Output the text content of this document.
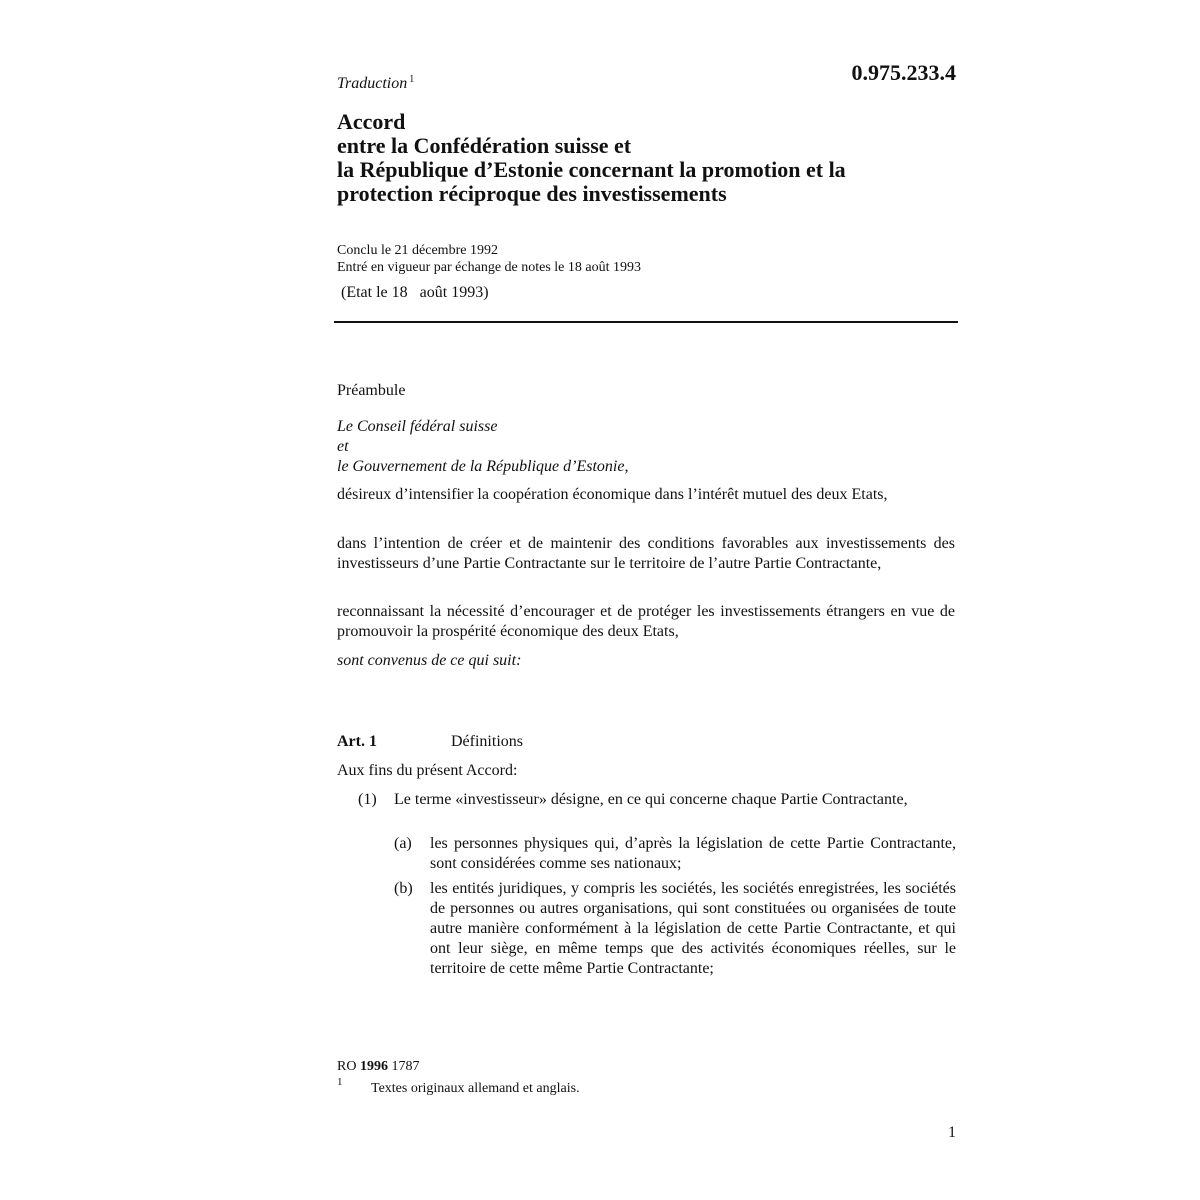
0.975.233.4
Traduction $^1$
Accord
entre la Confédération suisse et
la République d’Estonie concernant la promotion et la
protection réciproque des investissements
Conclu le 21 décembre 1992
Entré en vigueur par échange de notes le 18 août 1993
(Etat le 18   août 1993)
Préambule
Le Conseil fédéral suisse
et
le Gouvernement de la République d’Estonie,
désireux d’intensifier la coopération économique dans l’intérêt mutuel des deux Etats,
dans l’intention de créer et de maintenir des conditions favorables aux investissements des investisseurs d’une Partie Contractante sur le territoire de l’autre Partie Contractante,
reconnaissant la nécessité d’encourager et de protéger les investissements étrangers en vue de promouvoir la prospérité économique des deux Etats,
sont convenus de ce qui suit:
Art. 1	Définitions
Aux fins du présent Accord:
(1) Le terme «investisseur» désigne, en ce qui concerne chaque Partie Contractante,
(a) les personnes physiques qui, d’après la législation de cette Partie Contractante, sont considérées comme ses nationaux;
(b) les entités juridiques, y compris les sociétés, les sociétés enregistrées, les sociétés de personnes ou autres organisations, qui sont constituées ou organisées de toute autre manière conformément à la législation de cette Partie Contractante, et qui ont leur siège, en même temps que des activités économiques réelles, sur le territoire de cette même Partie Contractante;
RO 1996 1787
1 Textes originaux allemand et anglais.
1
